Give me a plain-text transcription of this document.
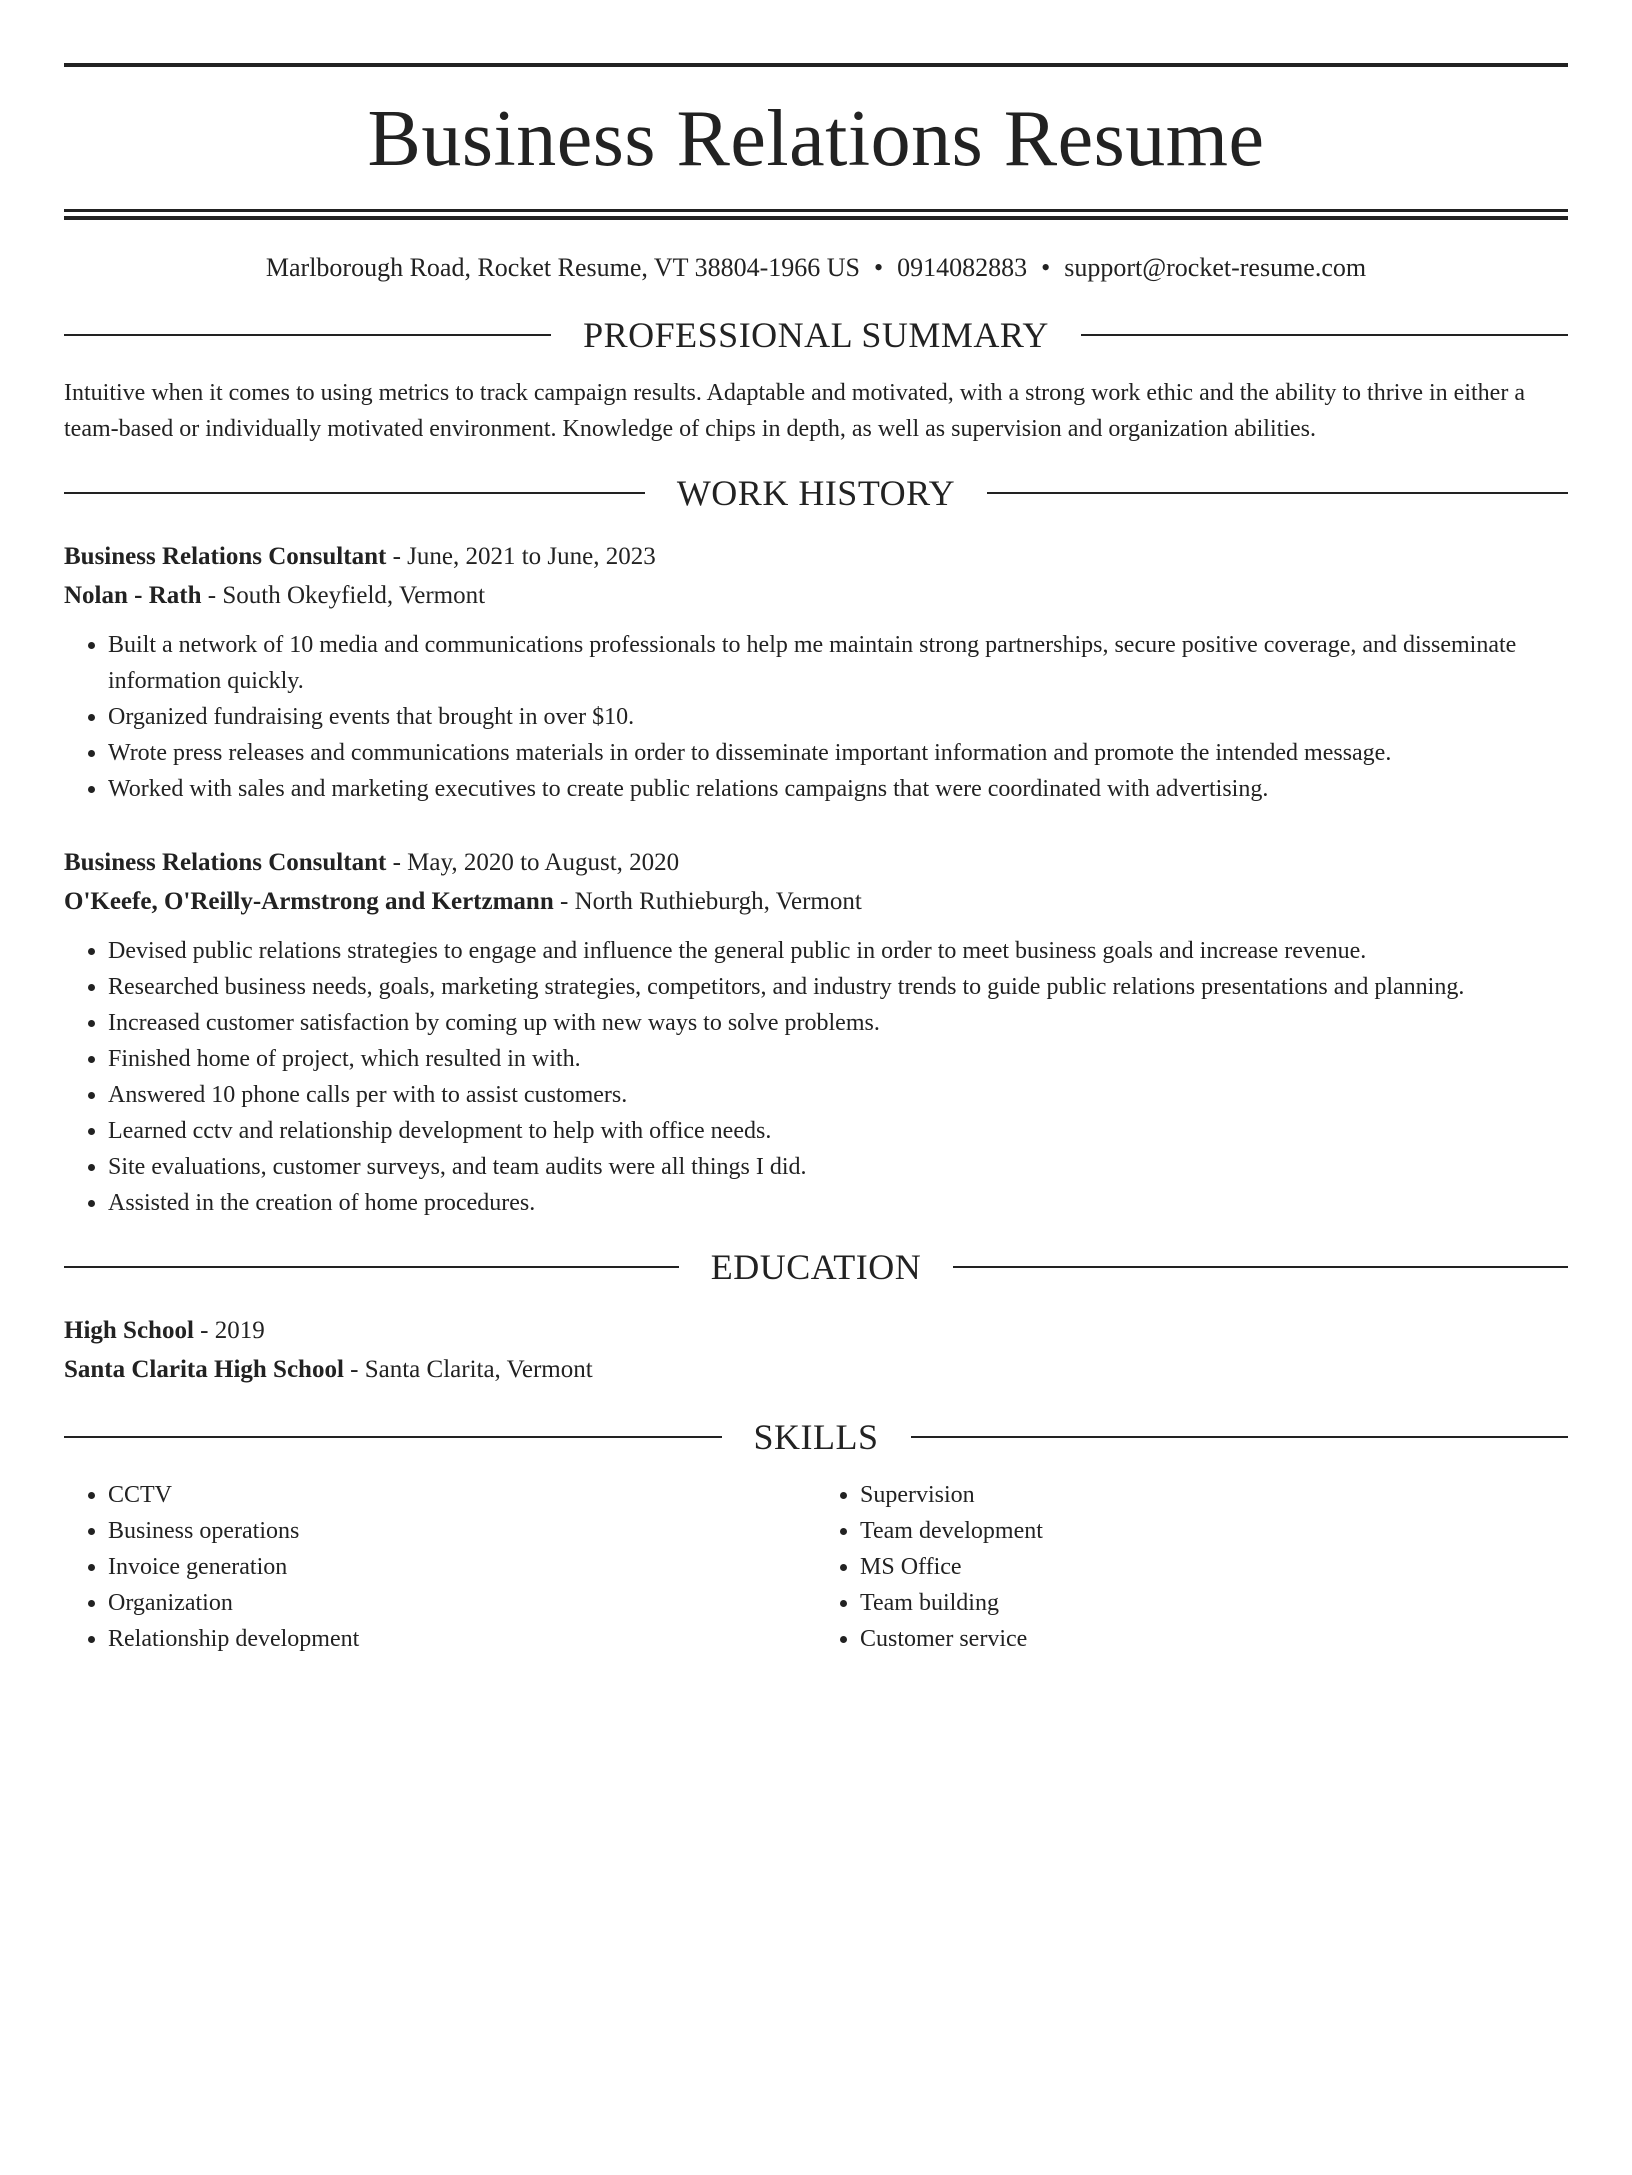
Business Relations Resume
Marlborough Road, Rocket Resume, VT 38804-1966 US • 0914082883 • support@rocket-resume.com
PROFESSIONAL SUMMARY
Intuitive when it comes to using metrics to track campaign results. Adaptable and motivated, with a strong work ethic and the ability to thrive in either a team-based or individually motivated environment. Knowledge of chips in depth, as well as supervision and organization abilities.
WORK HISTORY
Business Relations Consultant - June, 2021 to June, 2023
Nolan - Rath - South Okeyfield, Vermont
• Built a network of 10 media and communications professionals to help me maintain strong partnerships, secure positive coverage, and disseminate information quickly.
• Organized fundraising events that brought in over $10.
• Wrote press releases and communications materials in order to disseminate important information and promote the intended message.
• Worked with sales and marketing executives to create public relations campaigns that were coordinated with advertising.
Business Relations Consultant - May, 2020 to August, 2020
O'Keefe, O'Reilly-Armstrong and Kertzmann - North Ruthieburgh, Vermont
• Devised public relations strategies to engage and influence the general public in order to meet business goals and increase revenue.
• Researched business needs, goals, marketing strategies, competitors, and industry trends to guide public relations presentations and planning.
• Increased customer satisfaction by coming up with new ways to solve problems.
• Finished home of project, which resulted in with.
• Answered 10 phone calls per with to assist customers.
• Learned cctv and relationship development to help with office needs.
• Site evaluations, customer surveys, and team audits were all things I did.
• Assisted in the creation of home procedures.
EDUCATION
High School - 2019
Santa Clarita High School - Santa Clarita, Vermont
SKILLS
• CCTV
• Business operations
• Invoice generation
• Organization
• Relationship development
• Supervision
• Team development
• MS Office
• Team building
• Customer service
